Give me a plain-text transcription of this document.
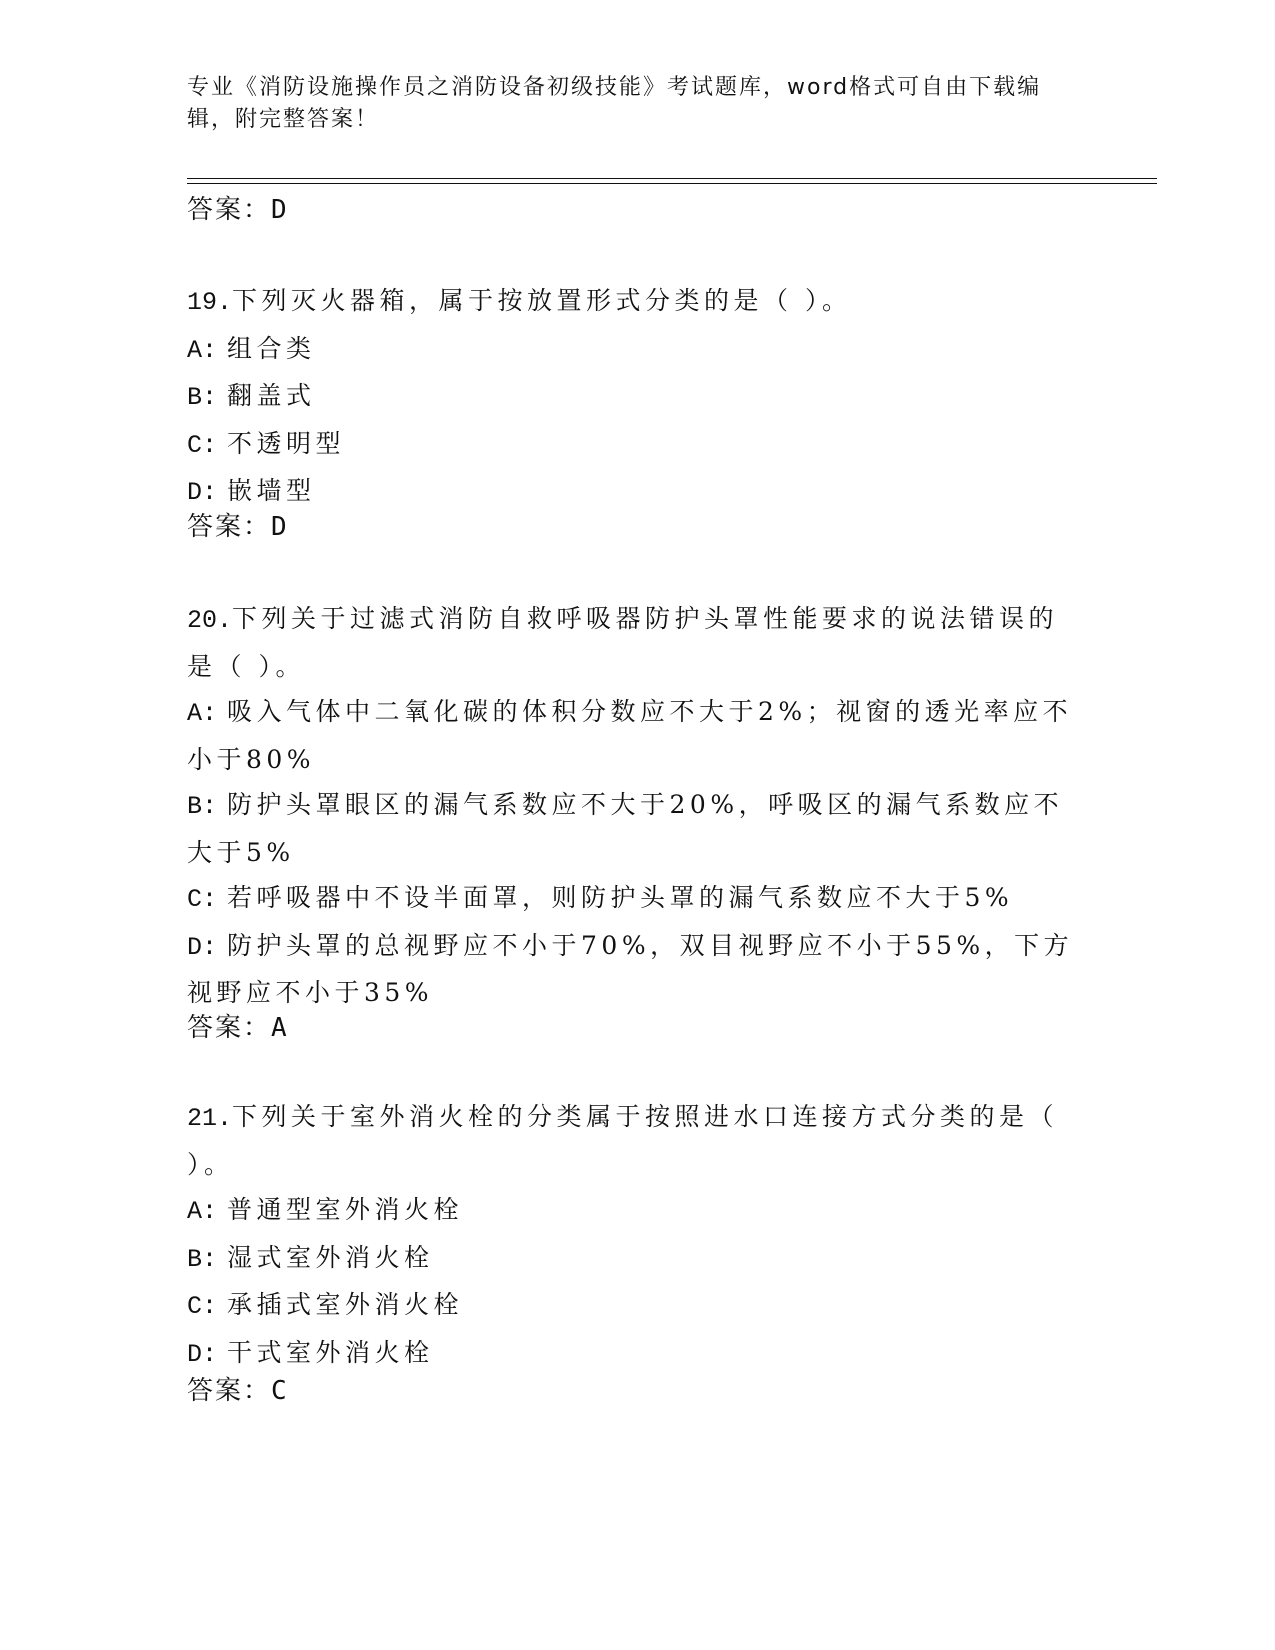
专业《消防设施操作员之消防设备初级技能》考试题库，word格式可自由下载编辑，附完整答案！
答案：D
19.下列灭火器箱，属于按放置形式分类的是（ ）。
A: 组合类
B: 翻盖式
C: 不透明型
D: 嵌墙型
答案：D
20.下列关于过滤式消防自救呼吸器防护头罩性能要求的说法错误的是（ ）。
A: 吸入气体中二氧化碳的体积分数应不大于2%；视窗的透光率应不小于80%
B: 防护头罩眼区的漏气系数应不大于20%，呼吸区的漏气系数应不大于5%
C: 若呼吸器中不设半面罩，则防护头罩的漏气系数应不大于5%
D: 防护头罩的总视野应不小于70%，双目视野应不小于55%，下方视野应不小于35%
答案：A
21.下列关于室外消火栓的分类属于按照进水口连接方式分类的是（ ）。
A: 普通型室外消火栓
B: 湿式室外消火栓
C: 承插式室外消火栓
D: 干式室外消火栓
答案：C
